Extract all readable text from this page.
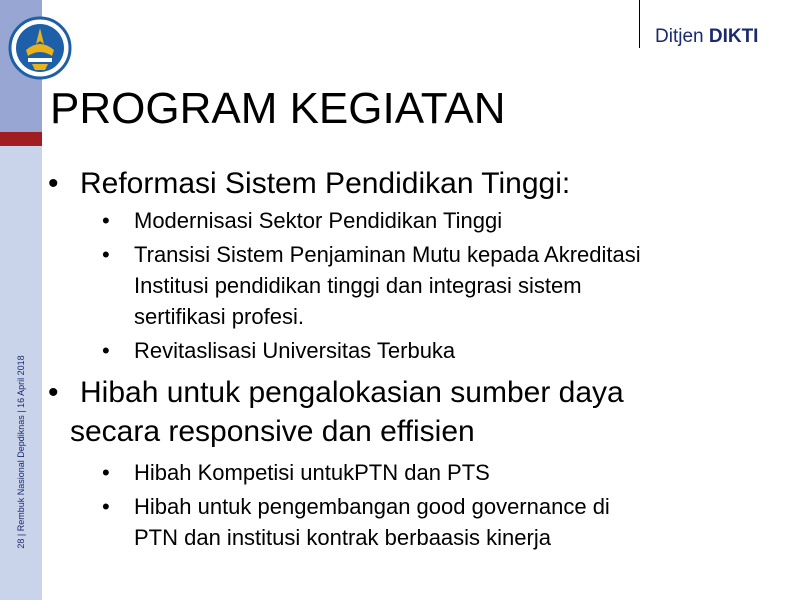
Ditjen DIKTI
PROGRAM KEGIATAN
28 | Rembuk Nasional Depdiknas | 16 April 2018
• Reformasi Sistem Pendidikan Tinggi:
• Modernisasi Sektor Pendidikan Tinggi
• Transisi Sistem Penjaminan Mutu kepada Akreditasi
Institusi pendidikan tinggi dan integrasi sistem
sertifikasi profesi.
• Revitaslisasi Universitas Terbuka
• Hibah untuk pengalokasian sumber daya
secara responsive dan effisien
• Hibah Kompetisi untukPTN dan PTS
• Hibah untuk pengembangan good governance di
PTN dan institusi kontrak berbaasis kinerja
